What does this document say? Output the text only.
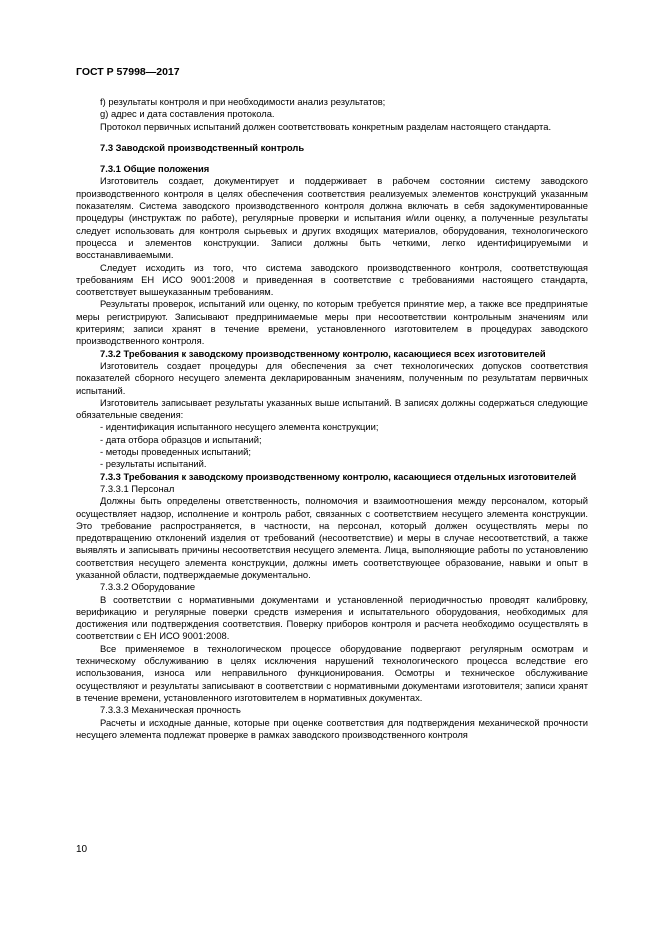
ГОСТ Р 57998—2017

f) результаты контроля и при необходимости анализ результатов;

g) адрес и дата составления протокола.

Протокол первичных испытаний должен соответствовать конкретным разделам настоящего стандарта.

7.3 Заводской производственный контроль

7.3.1 Общие положения

Изготовитель создает, документирует и поддерживает в рабочем состоянии систему заводского производственного контроля в целях обеспечения соответствия реализуемых элементов конструкций указанным показателям. Система заводского производственного контроля должна включать в себя задокументированные процедуры (инструктаж по работе), регулярные проверки и испытания и/или оценку, а полученные результаты следует использовать для контроля сырьевых и других входящих материалов, оборудования, технологического процесса и элементов конструкции. Записи должны быть четкими, легко идентифицируемыми и восстанавливаемыми.

Следует исходить из того, что система заводского производственного контроля, соответствующая требованиям ЕН ИСО 9001:2008 и приведенная в соответствие с требованиями настоящего стандарта, соответствует вышеуказанным требованиям.

Результаты проверок, испытаний или оценку, по которым требуется принятие мер, а также все предпринятые меры регистрируют. Записывают предпринимаемые меры при несоответствии контрольным значениям или критериям; записи хранят в течение времени, установленного изготовителем в процедурах заводского производственного контроля.

7.3.2 Требования к заводскому производственному контролю, касающиеся всех изготовителей

Изготовитель создает процедуры для обеспечения за счет технологических допусков соответствия показателей сборного несущего элемента декларированным значениям, полученным по результатам первичных испытаний.

Изготовитель записывает результаты указанных выше испытаний. В записях должны содержаться следующие обязательные сведения:

- идентификация испытанного несущего элемента конструкции;

- дата отбора образцов и испытаний;

- методы проведенных испытаний;

- результаты испытаний.

7.3.3 Требования к заводскому производственному контролю, касающиеся отдельных изготовителей

7.3.3.1 Персонал

Должны быть определены ответственность, полномочия и взаимоотношения между персоналом, который осуществляет надзор, исполнение и контроль работ, связанных с соответствием несущего элемента конструкции. Это требование распространяется, в частности, на персонал, который должен осуществлять меры по предотвращению отклонений изделия от требований (несоответствие) и меры в случае несоответствий, а также выявлять и записывать причины несоответствия несущего элемента. Лица, выполняющие работы по установлению соответствия несущего элемента конструкции, должны иметь соответствующее образование, навыки и опыт в указанной области, подтверждаемые документально.

7.3.3.2 Оборудование

В соответствии с нормативными документами и установленной периодичностью проводят калибровку, верификацию и регулярные поверки средств измерения и испытательного оборудования, необходимых для достижения или подтверждения соответствия. Поверку приборов контроля и расчета необходимо осуществлять в соответствии с ЕН ИСО 9001:2008.

Все применяемое в технологическом процессе оборудование подвергают регулярным осмотрам и техническому обслуживанию в целях исключения нарушений технологического процесса вследствие его использования, износа или неправильного функционирования. Осмотры и техническое обслуживание осуществляют и результаты записывают в соответствии с нормативными документами изготовителя; записи хранят в течение времени, установленного изготовителем в нормативных документах.

7.3.3.3 Механическая прочность

Расчеты и исходные данные, которые при оценке соответствия для подтверждения механической прочности несущего элемента подлежат проверке в рамках заводского производственного контроля

10
